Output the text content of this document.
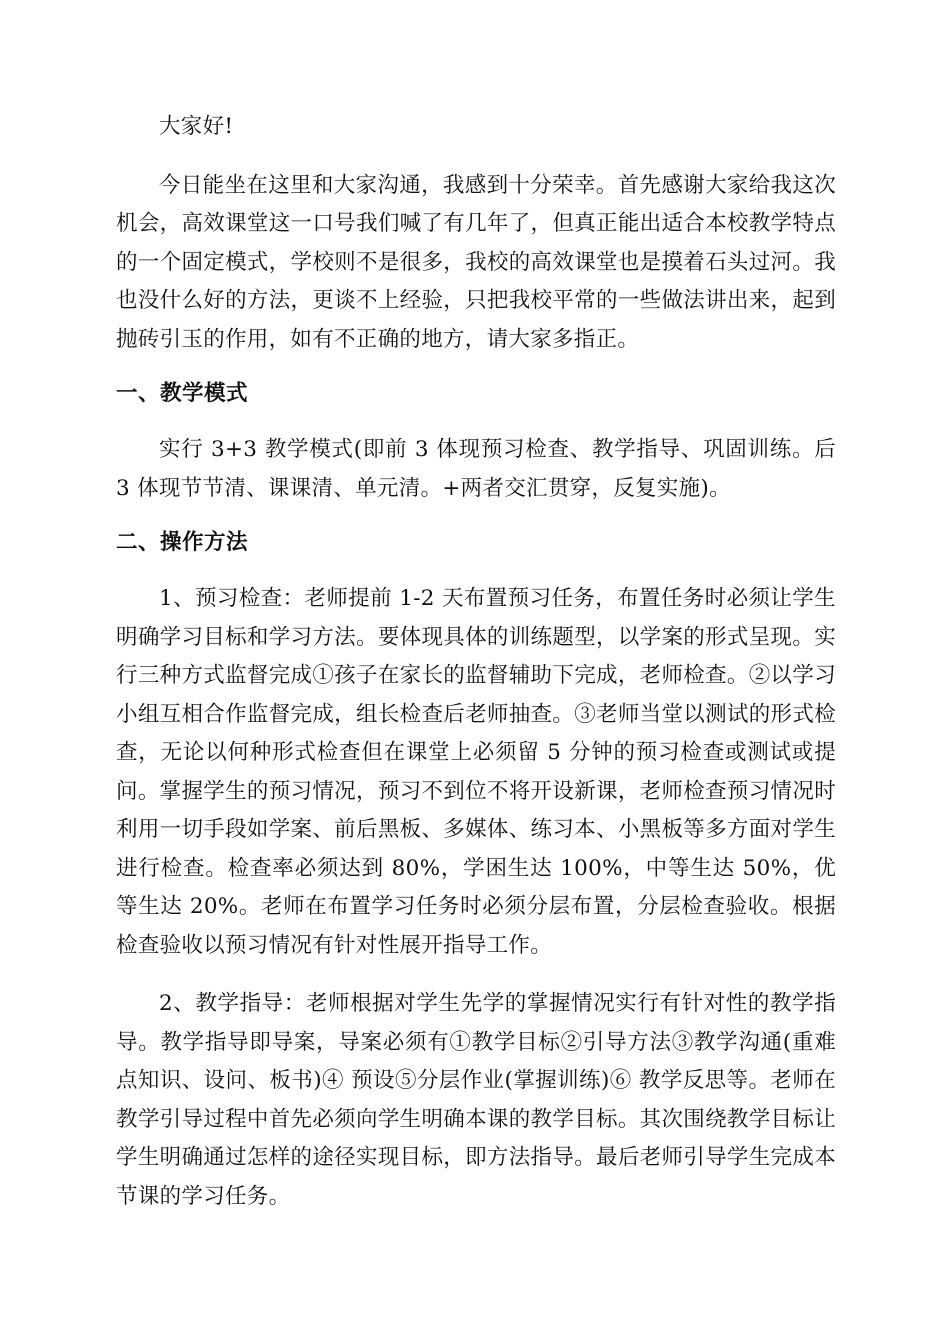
大家好!

今日能坐在这里和大家沟通，我感到十分荣幸。首先感谢大家给我这次机会，高效课堂这一口号我们喊了有几年了，但真正能出适合本校教学特点的一个固定模式，学校则不是很多，我校的高效课堂也是摸着石头过河。我也没什么好的方法，更谈不上经验，只把我校平常的一些做法讲出来，起到抛砖引玉的作用，如有不正确的地方，请大家多指正。

一、教学模式

实行 3+3 教学模式(即前 3 体现预习检查、教学指导、巩固训练。后 3 体现节节清、课课清、单元清。+两者交汇贯穿，反复实施)。

二、操作方法

1、预习检查：老师提前 1-2 天布置预习任务，布置任务时必须让学生明确学习目标和学习方法。要体现具体的训练题型，以学案的形式呈现。实行三种方式监督完成①孩子在家长的监督辅助下完成，老师检查。②以学习小组互相合作监督完成，组长检查后老师抽查。③老师当堂以测试的形式检查，无论以何种形式检查但在课堂上必须留 5 分钟的预习检查或测试或提问。掌握学生的预习情况，预习不到位不将开设新课，老师检查预习情况时利用一切手段如学案、前后黑板、多媒体、练习本、小黑板等多方面对学生进行检查。检查率必须达到 80%，学困生达 100%，中等生达 50%，优等生达 20%。老师在布置学习任务时必须分层布置，分层检查验收。根据检查验收以预习情况有针对性展开指导工作。

2、教学指导：老师根据对学生先学的掌握情况实行有针对性的教学指导。教学指导即导案，导案必须有①教学目标②引导方法③教学沟通(重难点知识、设问、板书)④ 预设⑤分层作业(掌握训练)⑥ 教学反思等。老师在教学引导过程中首先必须向学生明确本课的教学目标。其次围绕教学目标让学生明确通过怎样的途径实现目标，即方法指导。最后老师引导学生完成本节课的学习任务。
